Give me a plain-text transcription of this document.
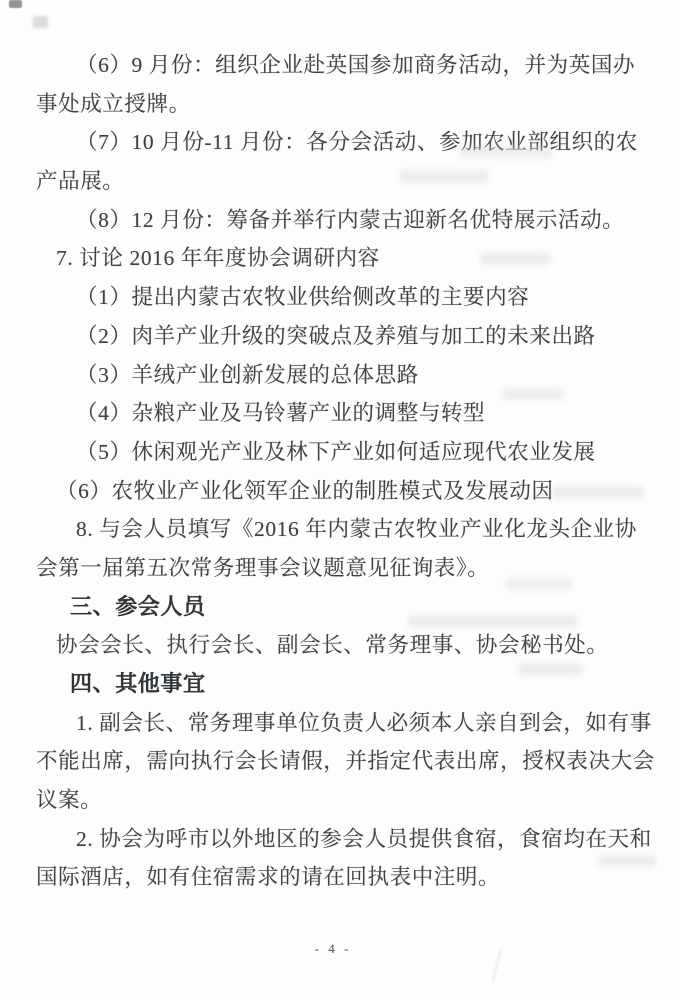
（6）9 月份：组织企业赴英国参加商务活动，并为英国办
事处成立授牌。
（7）10 月份-11 月份：各分会活动、参加农业部组织的农
产品展。
（8）12 月份：筹备并举行内蒙古迎新名优特展示活动。
7. 讨论 2016 年年度协会调研内容
（1）提出内蒙古农牧业供给侧改革的主要内容
（2）肉羊产业升级的突破点及养殖与加工的未来出路
（3）羊绒产业创新发展的总体思路
（4）杂粮产业及马铃薯产业的调整与转型
（5）休闲观光产业及林下产业如何适应现代农业发展
（6）农牧业产业化领军企业的制胜模式及发展动因
8. 与会人员填写《2016 年内蒙古农牧业产业化龙头企业协
会第一届第五次常务理事会议题意见征询表》。
三、参会人员
协会会长、执行会长、副会长、常务理事、协会秘书处。
四、其他事宜
1. 副会长、常务理事单位负责人必须本人亲自到会，如有事
不能出席，需向执行会长请假，并指定代表出席，授权表决大会
议案。
2. 协会为呼市以外地区的参会人员提供食宿，食宿均在天和
国际酒店，如有住宿需求的请在回执表中注明。
- 4 -
